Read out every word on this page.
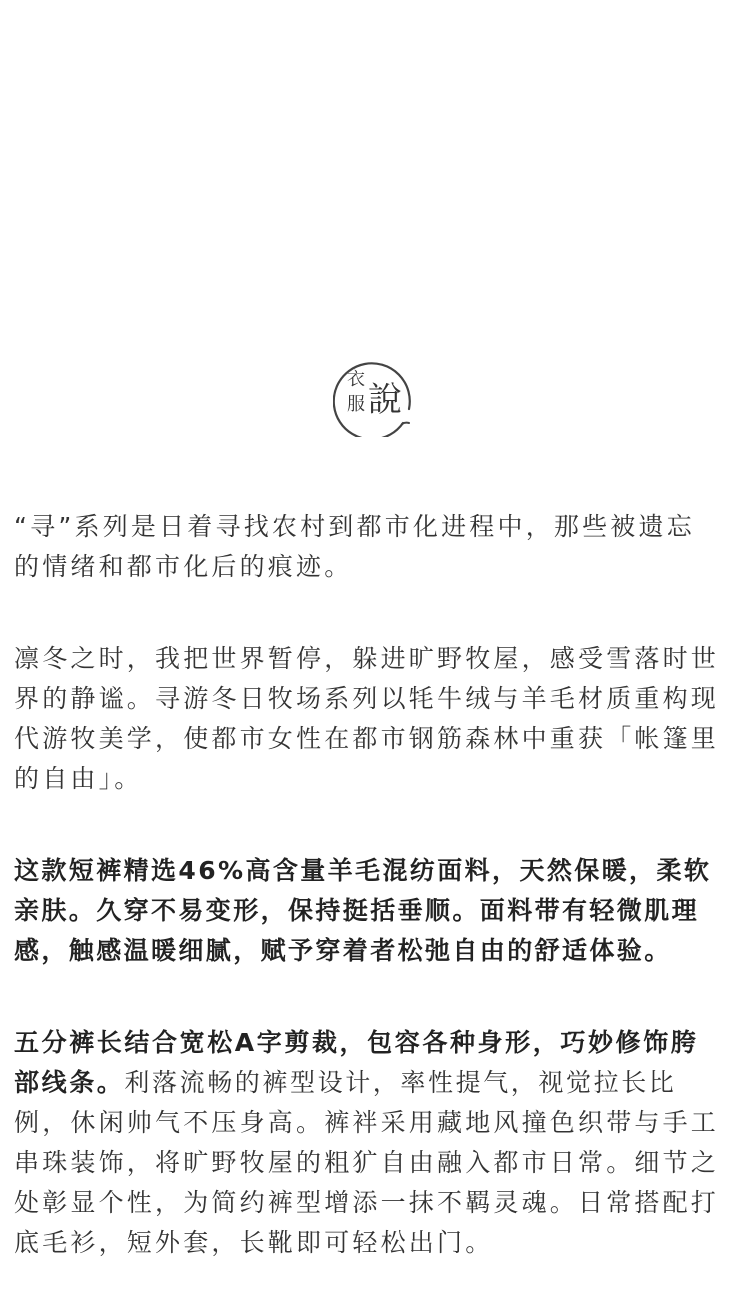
衣
服 說

“寻”系列是日着寻找农村到都市化进程中，那些被遗忘
的情绪和都市化后的痕迹。

凛冬之时，我把世界暂停，躲进旷野牧屋，感受雪落时世
界的静谧。寻游冬日牧场系列以牦牛绒与羊毛材质重构现
代游牧美学，使都市女性在都市钢筋森林中重获「帐篷里
的自由」。

这款短裤精选46%高含量羊毛混纺面料，天然保暖，柔软
亲肤。久穿不易变形，保持挺括垂顺。面料带有轻微肌理
感，触感温暖细腻，赋予穿着者松弛自由的舒适体验。

五分裤长结合宽松A字剪裁，包容各种身形，巧妙修饰胯
部线条。利落流畅的裤型设计，率性提气，视觉拉长比
例，休闲帅气不压身高。裤袢采用藏地风撞色织带与手工
串珠装饰，将旷野牧屋的粗犷自由融入都市日常。细节之
处彰显个性，为简约裤型增添一抹不羁灵魂。日常搭配打
底毛衫，短外套，长靴即可轻松出门。
